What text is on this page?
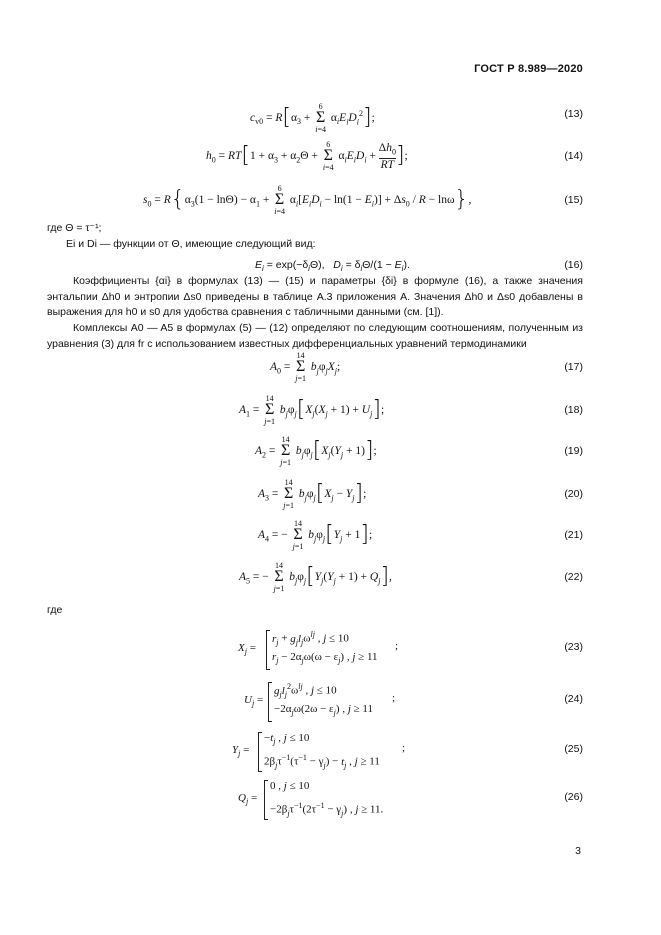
ГОСТ Р 8.989—2020
$c_{v0} = R[\alpha_3 + 6$
Σ
i=4 $\alpha_iE_iD_i^2$];	(13)
$h_0 = RT[1 + \alpha_3 + \alpha_2\Theta + 6$
Σ
i=4 $\alpha_iE_iD_i + \frac{\Delta h_0}{RT}$ ];	(14)
$s_0 = R\{\alpha_3(1 - \ln\Theta) - \alpha_1 + 6$
Σ
i=4 $\alpha_i[E_iD_i - \ln(1 - E_i)] + \Delta s_0 / R - \ln\omega$},	(15)
где Θ = τ⁻¹;
Ei и Di — функции от Θ, имеющие следующий вид:
$E_i = \exp(-\delta_i\Theta)$,   $D_i = \delta_i\Theta/(1 - E_i)$.	(16)
Коэффициенты {αi} в формулах (13) — (15) и параметры {δi} в формуле (16), а также значения энтальпии Δh0 и энтропии Δs0 приведены в таблице А.3 приложения А. Значения Δh0 и Δs0 добавлены в выражения для h0 и s0 для удобства сравнения с табличными данными (см. [1]).
Комплексы A0 — A5 в формулах (5) — (12) определяют по следующим соотношениям, полученным из уравнения (3) для fr с использованием известных дифференциальных уравнений термодинамики
$A_0 = 14$
Σ
j=1 $b_j\varphi_jX_j$;	(17)
$A_1 = 14$
Σ
j=1 $b_j\varphi_j[X_j(X_j + 1) + U_j]$;	(18)
$A_2 = 14$
Σ
j=1 $b_j\varphi_j[X_j(Y_j + 1)]$;	(19)
$A_3 = 14$
Σ
j=1 $b_j\varphi_j[X_j - Y_j]$;	(20)
$A_4$ = − 14
Σ
j=1 $b_j\varphi_j[Y_j + 1]$;	(21)
$A_5$ = − 14
Σ
j=1 $b_j\varphi_j[Y_j(Y_j + 1) + Q_j]$,	(22)
где
$X_j$ =
$r_j + g_jl_j\omega^{lj}$ , j ≤ 10
$r_j - 2\alpha_j\omega(\omega - \varepsilon_j)$ , j ≥ 11
;	(23)
$U_j$ =
$g_jl_j^2\omega^{lj}$ , j ≤ 10
$-2\alpha_j\omega(2\omega - \varepsilon_j)$ , j ≥ 11
;	(24)
$Y_j$ =
$-t_j$ , j ≤ 10
$2\beta_j\tau^{-1}(\tau^{-1} - \gamma_j) - t_j$ , j ≥ 11
;	(25)
$Q_j$ =
0 , j ≤ 10
$-2\beta_j\tau^{-1}(2\tau^{-1} - \gamma_j)$ , j ≥ 11.
(26)
3
